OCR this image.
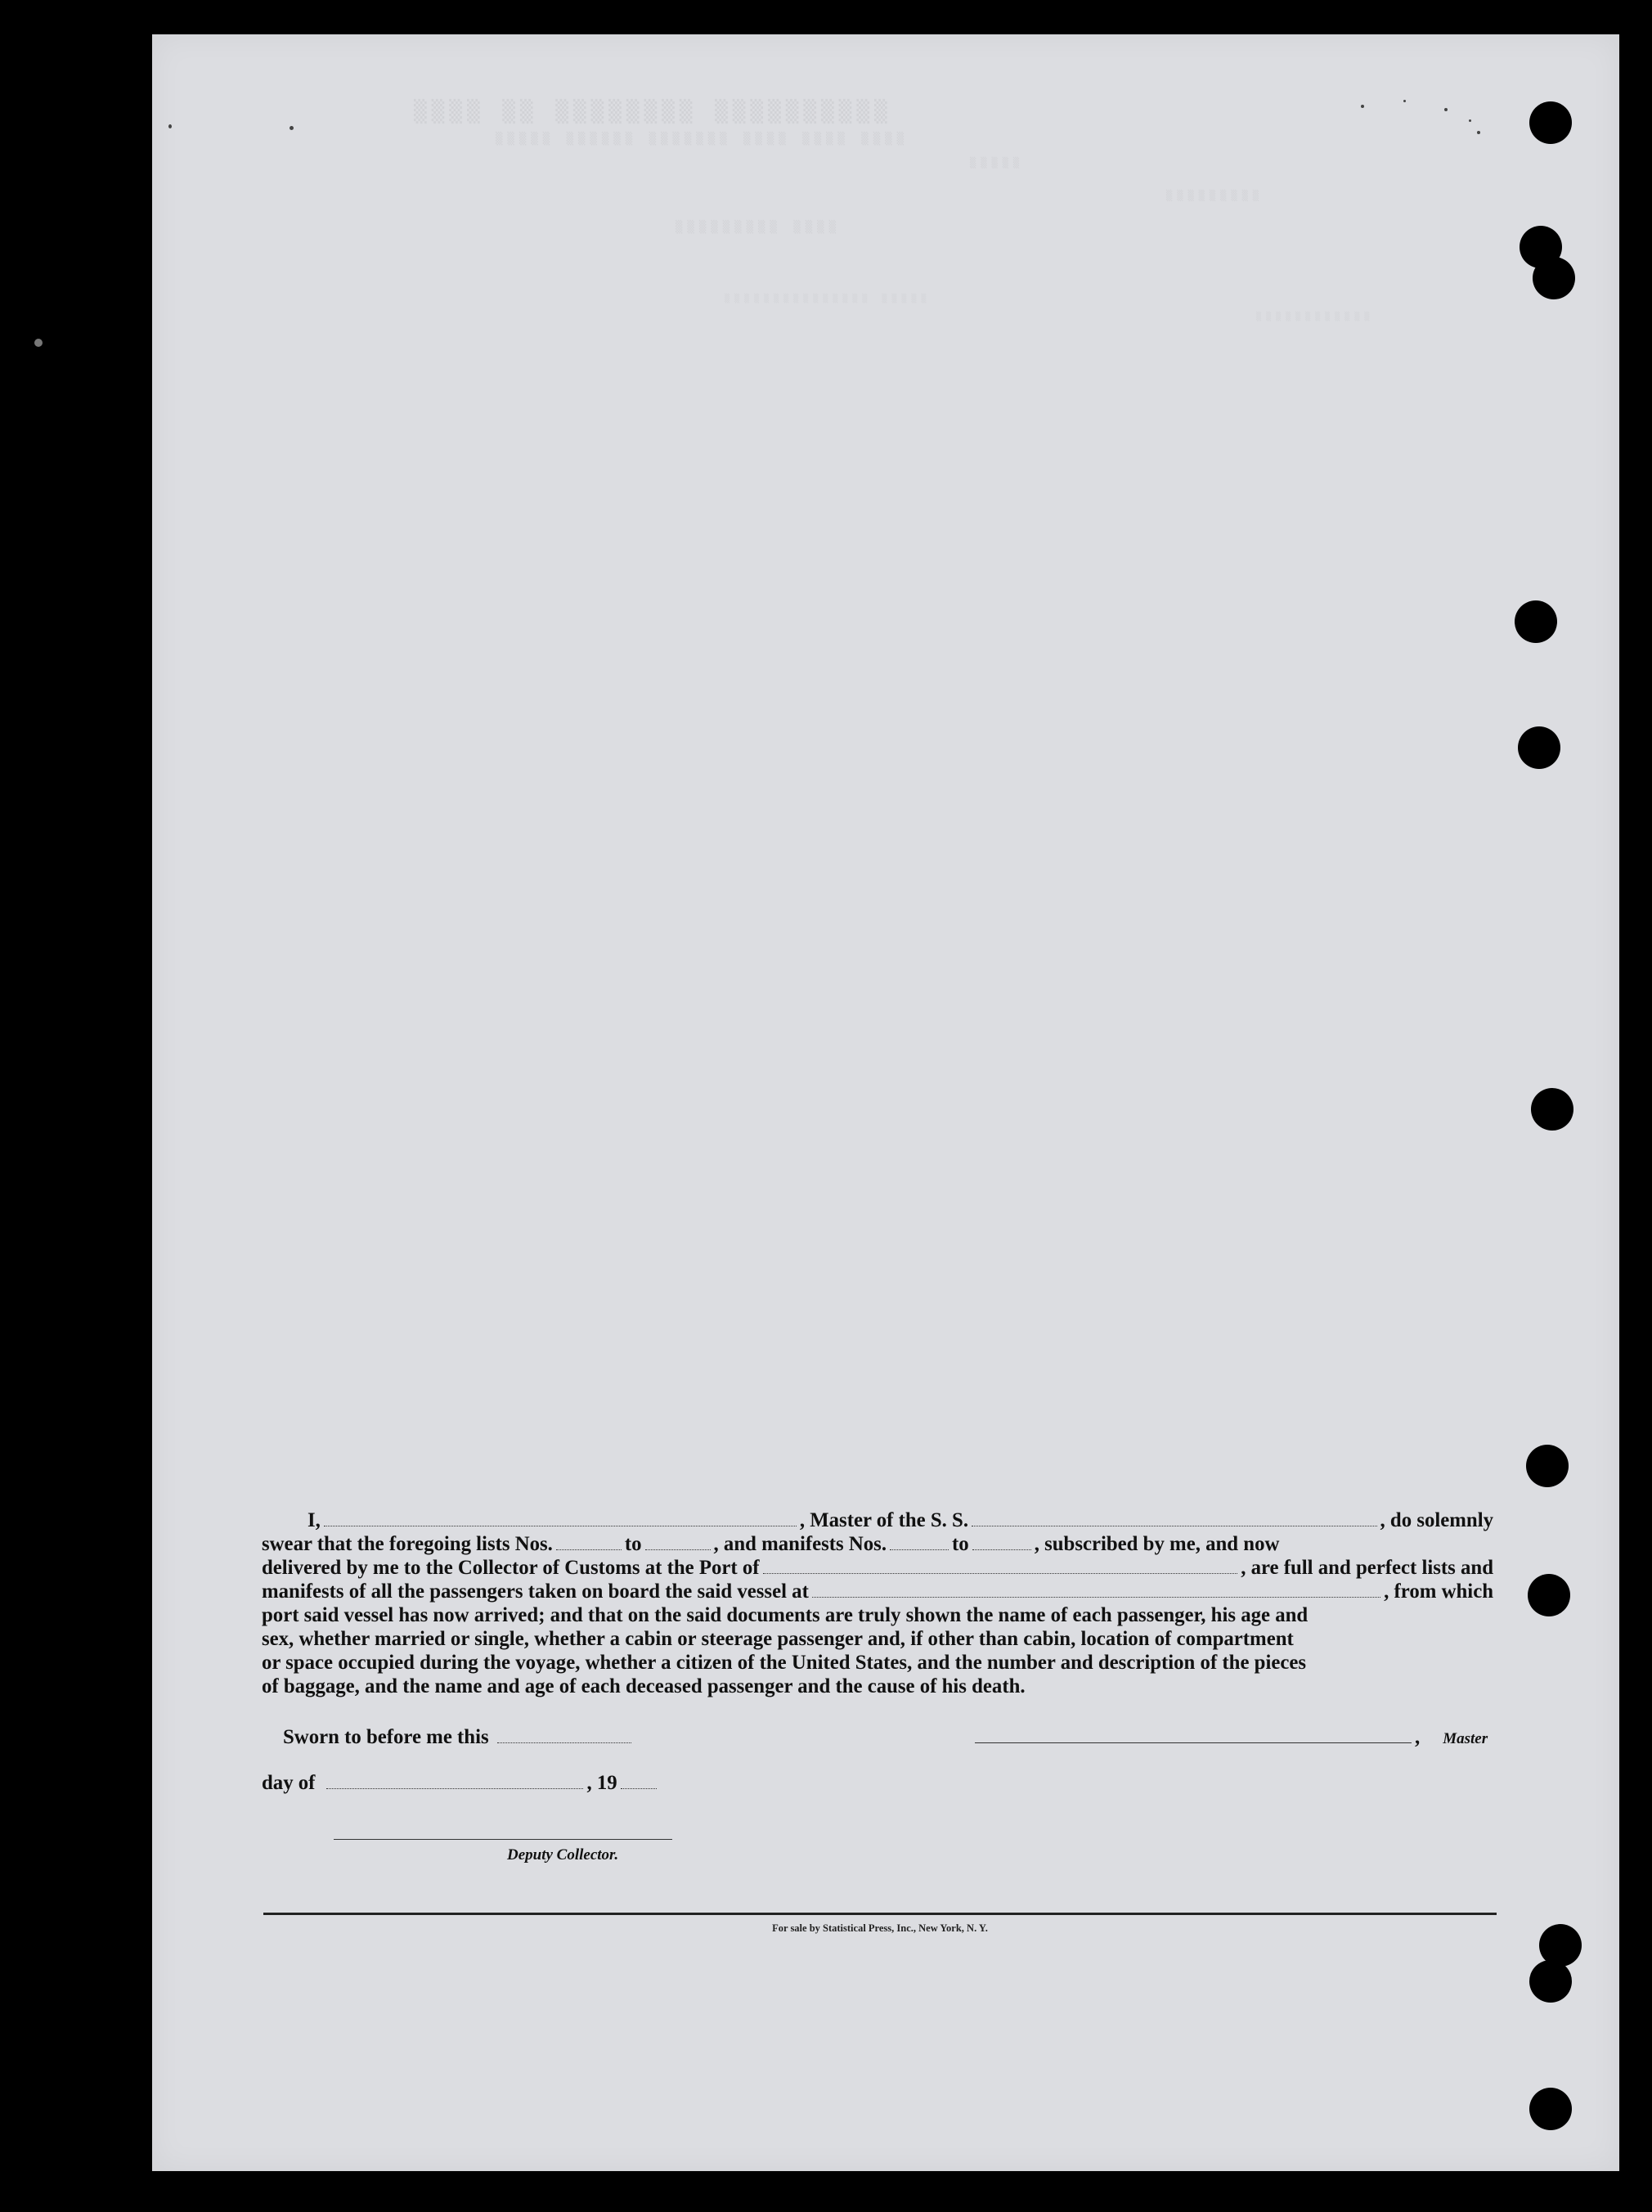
▒▒▒▒ ▒▒ ▒▒▒▒▒▒▒▒ ▒▒▒▒▒▒▒▒▒▒
▒▒▒▒▒ ▒▒▒▒▒▒ ▒▒▒▒▒▒▒ ▒▒▒▒ ▒▒▒▒ ▒▒▒▒
▒▒▒▒▒
▒▒▒▒▒▒▒▒▒
▒▒▒▒▒▒▒▒▒ ▒▒▒▒
▒▒▒▒▒▒▒▒▒▒▒▒▒▒▒ ▒▒▒▒▒
▒▒▒▒▒▒▒▒▒▒▒▒
I,	, Master of the S. S.	, do solemnly
swear that the foregoing lists Nos.	to	, and manifests Nos.	to	, subscribed by me, and now
delivered by me to the Collector of Customs at the Port of	, are full and perfect lists and
manifests of all the passengers taken on board the said vessel at	, from which
port said vessel has now arrived; and that on the said documents are truly shown the name of each passenger, his age and
sex, whether married or single, whether a cabin or steerage passenger and, if other than cabin, location of compartment
or space occupied during the voyage, whether a citizen of the United States, and the number and description of the pieces
of baggage, and the name and age of each deceased passenger and the cause of his death.
Sworn to before me this
day of	, 19
Deputy Collector.
, Master
For sale by Statistical Press, Inc., New York, N. Y.
